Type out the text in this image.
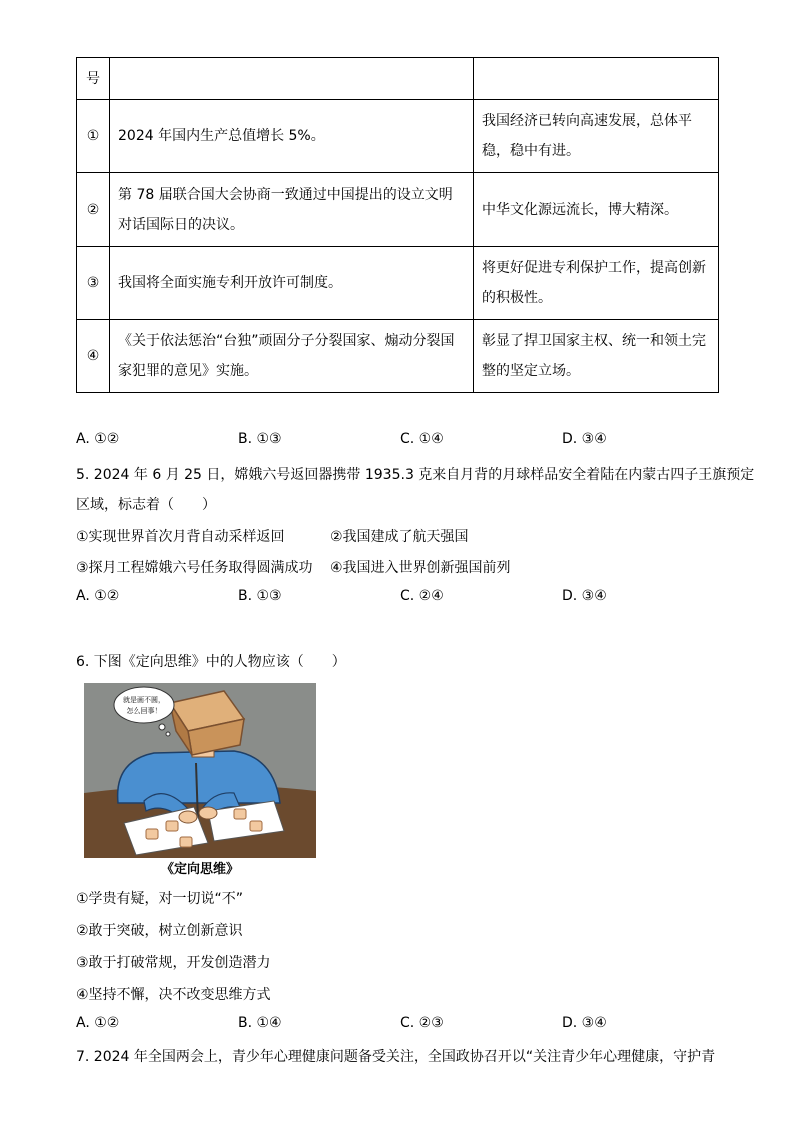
号		
①	2024 年国内生产总值增长 5%。	我国经济已转向高速发展，总体平稳，稳中有进。
②	第 78 届联合国大会协商一致通过中国提出的设立文明对话国际日的决议。	中华文化源远流长，博大精深。
③	我国将全面实施专利开放许可制度。	将更好促进专利保护工作，提高创新的积极性。
④	《关于依法惩治“台独”顽固分子分裂国家、煽动分裂国家犯罪的意见》实施。	彰显了捍卫国家主权、统一和领土完整的坚定立场。
A. ①②	B. ①③	C. ①④	D. ③④
5. 2024 年 6 月 25 日，嫦娥六号返回器携带 1935.3 克来自月背的月球样品安全着陆在内蒙古四子王旗预定
区域，标志着（　　）
①实现世界首次月背自动采样返回	②我国建成了航天强国
③探月工程嫦娥六号任务取得圆满成功 ④我国进入世界创新强国前列
A. ①②	B. ①③	C. ②④	D. ③④
6. 下图《定向思维》中的人物应该（　　）
就是画不圆，
怎么回事！
《定向思维》
①学贵有疑，对一切说“不”
②敢于突破，树立创新意识
③敢于打破常规，开发创造潜力
④坚持不懈，决不改变思维方式
A. ①②	B. ①④	C. ②③	D. ③④
7. 2024 年全国两会上，青少年心理健康问题备受关注，全国政协召开以“关注青少年心理健康，守护青
